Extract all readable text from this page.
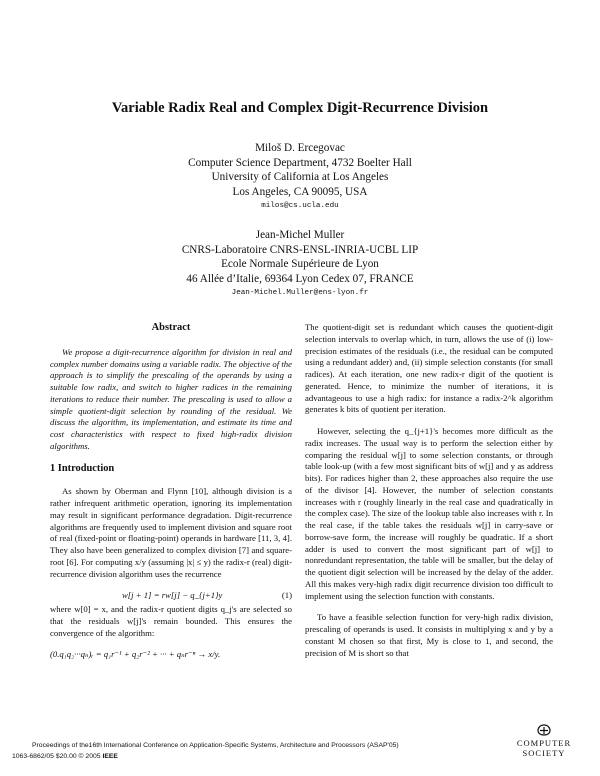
Variable Radix Real and Complex Digit-Recurrence Division
Miloš D. Ercegovac
Computer Science Department, 4732 Boelter Hall
University of California at Los Angeles
Los Angeles, CA 90095, USA
milos@cs.ucla.edu
Jean-Michel Muller
CNRS-Laboratoire CNRS-ENSL-INRIA-UCBL LIP
Ecole Normale Supérieure de Lyon
46 Allée d’Italie, 69364 Lyon Cedex 07, FRANCE
Jean-Michel.Muller@ens-lyon.fr
Abstract

We propose a digit-recurrence algorithm for division in real and complex number domains using a variable radix. The objective of the approach is to simplify the prescaling of the operands by using a suitable low radix, and switch to higher radices in the remaining iterations to reduce their number. The prescaling is used to allow a simple quotient-digit selection by rounding of the residual. We discuss the algorithm, its implementation, and estimate its time and cost characteristics with respect to fixed high-radix division algorithms.

1 Introduction

As shown by Oberman and Flynn [10], although division is a rather infrequent arithmetic operation, ignoring its implementation may result in significant performance degradation. Digit-recurrence algorithms are frequently used to implement division and square root of real (fixed-point or floating-point) operands in hardware [11, 3, 4]. They also have been generalized to complex division [7] and square-root [6]. For computing x/y (assuming |x| ≤ y) the radix-r (real) digit-recurrence division algorithm uses the recurrence

w[j + 1] = rw[j] − q_{j+1}y	(1)

where w[0] = x, and the radix-r quotient digits q_j's are selected so that the residuals w[j]'s remain bounded. This ensures the convergence of the algorithm:

(0.q₁q₂···qₙ)ᵣ = q₁r⁻¹ + q₂r⁻² + ··· + qₙr⁻ⁿ → x/y.

The quotient-digit set is redundant which causes the quotient-digit selection intervals to overlap which, in turn, allows the use of (i) low-precision estimates of the residuals (i.e., the residual can be computed using a redundant adder) and, (ii) simple selection constants (for small radices). At each iteration, one new radix-r digit of the quotient is generated. Hence, to minimize the number of iterations, it is advantageous to use a high radix: for instance a radix-2^k algorithm generates k bits of quotient per iteration.

However, selecting the q_{j+1}'s becomes more difficult as the radix increases. The usual way is to perform the selection either by comparing the residual w[j] to some selection constants, or through table look-up (with a few most significant bits of w[j] and y as address bits). For radices higher than 2, these approaches also require the use of the divisor [4]. However, the number of selection constants increases with r (roughly linearly in the real case and quadratically in the complex case). The size of the lookup table also increases with r. In the real case, if the table takes the residuals w[j] in carry-save or borrow-save form, the increase will roughly be quadratic. If a short adder is used to convert the most significant part of w[j] to nonredundant representation, the table will be smaller, but the delay of the quotient digit selection will be increased by the delay of the adder. All this makes very-high radix digit recurrence division too difficult to implement using the selection function with constants.

To have a feasible selection function for very-high radix division, prescaling of operands is used. It consists in multiplying x and y by a constant M chosen so that first, My is close to 1, and second, the precision of M is short so that

Proceedings of the16th International Conference on Application-Specific Systems, Architecture and Processors (ASAP'05)
1063-6862/05 $20.00 © 2005 IEEE
COMPUTER
SOCIETY
